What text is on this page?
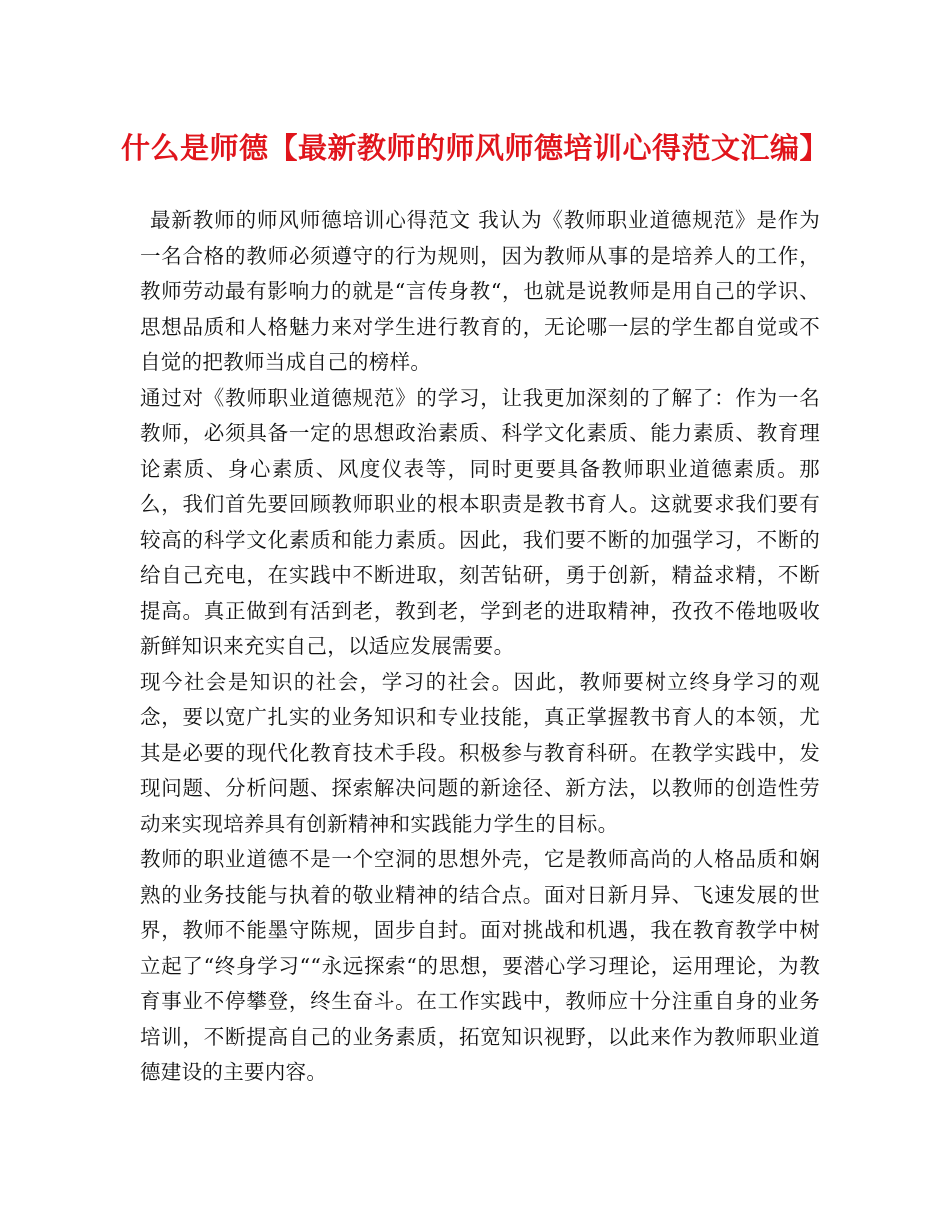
什么是师德【最新教师的师风师德培训心得范文汇编】

最新教师的师风师德培训心得范文 我认为《教师职业道德规范》是作为一名合格的教师必须遵守的行为规则，因为教师从事的是培养人的工作，教师劳动最有影响力的就是“言传身教“，也就是说教师是用自己的学识、思想品质和人格魅力来对学生进行教育的，无论哪一层的学生都自觉或不自觉的把教师当成自己的榜样。

通过对《教师职业道德规范》的学习，让我更加深刻的了解了：作为一名教师，必须具备一定的思想政治素质、科学文化素质、能力素质、教育理论素质、身心素质、风度仪表等，同时更要具备教师职业道德素质。那么，我们首先要回顾教师职业的根本职责是教书育人。这就要求我们要有较高的科学文化素质和能力素质。因此，我们要不断的加强学习，不断的给自己充电，在实践中不断进取，刻苦钻研，勇于创新，精益求精，不断提高。真正做到有活到老，教到老，学到老的进取精神，孜孜不倦地吸收新鲜知识来充实自己，以适应发展需要。

现今社会是知识的社会，学习的社会。因此，教师要树立终身学习的观念，要以宽广扎实的业务知识和专业技能，真正掌握教书育人的本领，尤其是必要的现代化教育技术手段。积极参与教育科研。在教学实践中，发现问题、分析问题、探索解决问题的新途径、新方法，以教师的创造性劳动来实现培养具有创新精神和实践能力学生的目标。

教师的职业道德不是一个空洞的思想外壳，它是教师高尚的人格品质和娴熟的业务技能与执着的敬业精神的结合点。面对日新月异、飞速发展的世界，教师不能墨守陈规，固步自封。面对挑战和机遇，我在教育教学中树立起了“终身学习““永远探索“的思想，要潜心学习理论，运用理论，为教育事业不停攀登，终生奋斗。在工作实践中，教师应十分注重自身的业务培训，不断提高自己的业务素质，拓宽知识视野，以此来作为教师职业道德建设的主要内容。
